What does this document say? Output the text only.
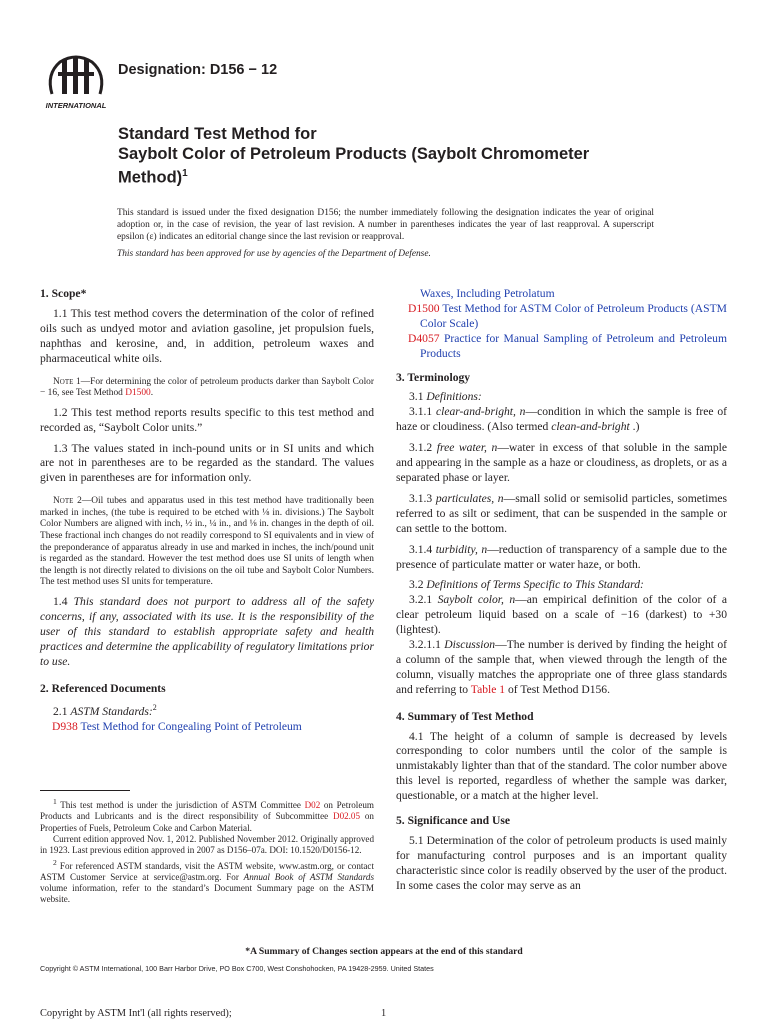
INTERNATIONAL
Designation: D156 − 12
Standard Test Method for
Saybolt Color of Petroleum Products (Saybolt Chromometer
Method)$^1$
This standard is issued under the fixed designation D156; the number immediately following the designation indicates the year of original adoption or, in the case of revision, the year of last revision. A number in parentheses indicates the year of last reapproval. A superscript epsilon (ε) indicates an editorial change since the last revision or reapproval.
This standard has been approved for use by agencies of the Department of Defense.

1. Scope*

1.1 This test method covers the determination of the color of refined oils such as undyed motor and aviation gasoline, jet propulsion fuels, naphthas and kerosine, and, in addition, petroleum waxes and pharmaceutical white oils.

Note 1—For determining the color of petroleum products darker than Saybolt Color − 16, see Test Method D1500.

1.2 This test method reports results specific to this test method and recorded as, “Saybolt Color units.”

1.3 The values stated in inch-pound units or in SI units and which are not in parentheses are to be regarded as the standard. The values given in parentheses are for information only.

Note 2—Oil tubes and apparatus used in this test method have traditionally been marked in inches, (the tube is required to be etched with ⅛ in. divisions.) The Saybolt Color Numbers are aligned with inch, ½ in., ¼ in., and ⅛ in. changes in the depth of oil. These fractional inch changes do not readily correspond to SI equivalents and in view of the preponderance of apparatus already in use and marked in inches, the inch/pound unit is regarded as the standard. However the test method does use SI units of length when the length is not directly related to divisions on the oil tube and Saybolt Color Numbers. The test method uses SI units for temperature.

1.4 This standard does not purport to address all of the safety concerns, if any, associated with its use. It is the responsibility of the user of this standard to establish appropriate safety and health practices and determine the applicability of regulatory limitations prior to use.

2. Referenced Documents

2.1 ASTM Standards:$^2$

D938 Test Method for Congealing Point of Petroleum

$^1$ This test method is under the jurisdiction of ASTM Committee D02 on Petroleum Products and Lubricants and is the direct responsibility of Subcommittee D02.05 on Properties of Fuels, Petroleum Coke and Carbon Material.

Current edition approved Nov. 1, 2012. Published November 2012. Originally approved in 1923. Last previous edition approved in 2007 as D156–07a. DOI: 10.1520/D0156-12.

$^2$ For referenced ASTM standards, visit the ASTM website, www.astm.org, or contact ASTM Customer Service at service@astm.org. For Annual Book of ASTM Standards volume information, refer to the standard’s Document Summary page on the ASTM website.

Waxes, Including Petrolatum

D1500 Test Method for ASTM Color of Petroleum Products (ASTM Color Scale)

D4057 Practice for Manual Sampling of Petroleum and Petroleum Products

3. Terminology

3.1 Definitions:

3.1.1 clear-and-bright, n—condition in which the sample is free of haze or cloudiness. (Also termed clean-and-bright .)

3.1.2 free water, n—water in excess of that soluble in the sample and appearing in the sample as a haze or cloudiness, as droplets, or as a separated phase or layer.

3.1.3 particulates, n—small solid or semisolid particles, sometimes referred to as silt or sediment, that can be suspended in the sample or can settle to the bottom.

3.1.4 turbidity, n—reduction of transparency of a sample due to the presence of particulate matter or water haze, or both.

3.2 Definitions of Terms Specific to This Standard:

3.2.1 Saybolt color, n—an empirical definition of the color of a clear petroleum liquid based on a scale of −16 (darkest) to +30 (lightest).

3.2.1.1 Discussion—The number is derived by finding the height of a column of the sample that, when viewed through the length of the column, visually matches the appropriate one of three glass standards and referring to Table 1 of Test Method D156.

4. Summary of Test Method

4.1 The height of a column of sample is decreased by levels corresponding to color numbers until the color of the sample is unmistakably lighter than that of the standard. The color number above this level is reported, regardless of whether the sample was darker, questionable, or a match at the higher level.

5. Significance and Use

5.1 Determination of the color of petroleum products is used mainly for manufacturing control purposes and is an important quality characteristic since color is readily observed by the user of the product. In some cases the color may serve as an

*A Summary of Changes section appears at the end of this standard
Copyright © ASTM International, 100 Barr Harbor Drive, PO Box C700, West Conshohocken, PA 19428-2959. United States
Copyright by ASTM Int'l (all rights reserved);	1
